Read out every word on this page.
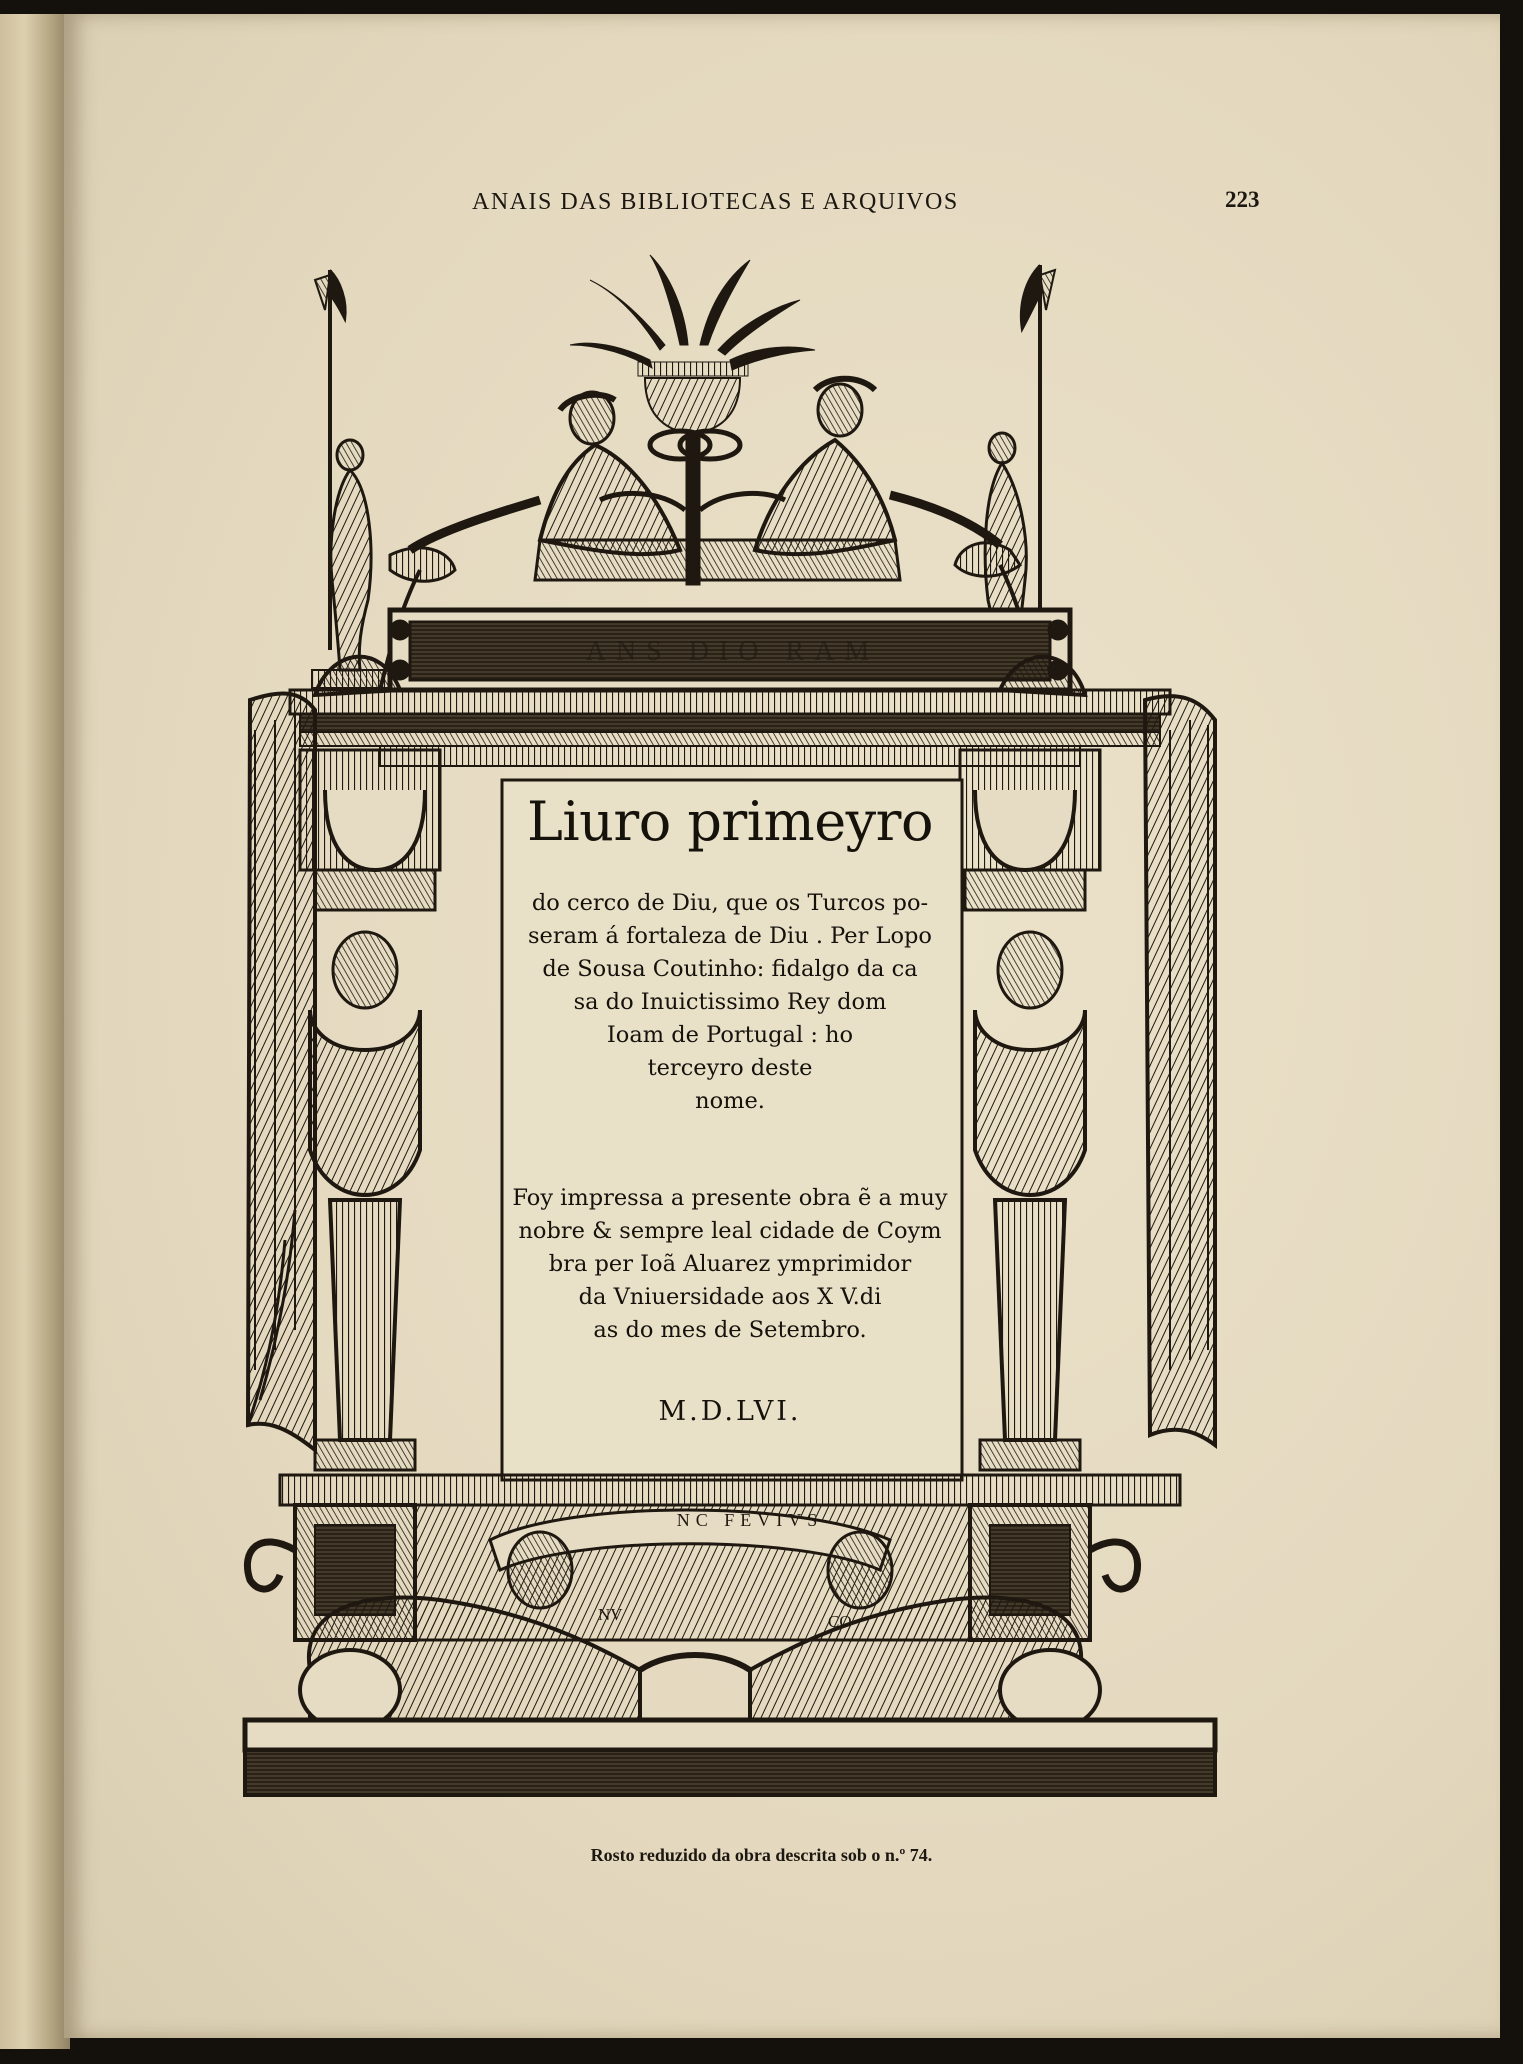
ANAIS DAS BIBLIOTECAS E ARQUIVOS	223
ANS DIO RAM
NC FEVIVS
NV	CO
Liuro primeyro
do cerco de Diu, que os Turcos po-
seram á fortaleza de Diu . Per Lopo
de Sousa Coutinho: fidalgo da ca
sa do Inuictissimo Rey dom
Ioam de Portugal : ho
terceyro deste
nome.
Foy impressa a presente obra ẽ a muy
nobre & sempre leal cidade de Coym
bra per Ioã Aluarez ymprimidor
da Vniuersidade aos X V.di
as do mes de Setembro.
M.D.LVI.
Rosto reduzido da obra descrita sob o n.º 74.
